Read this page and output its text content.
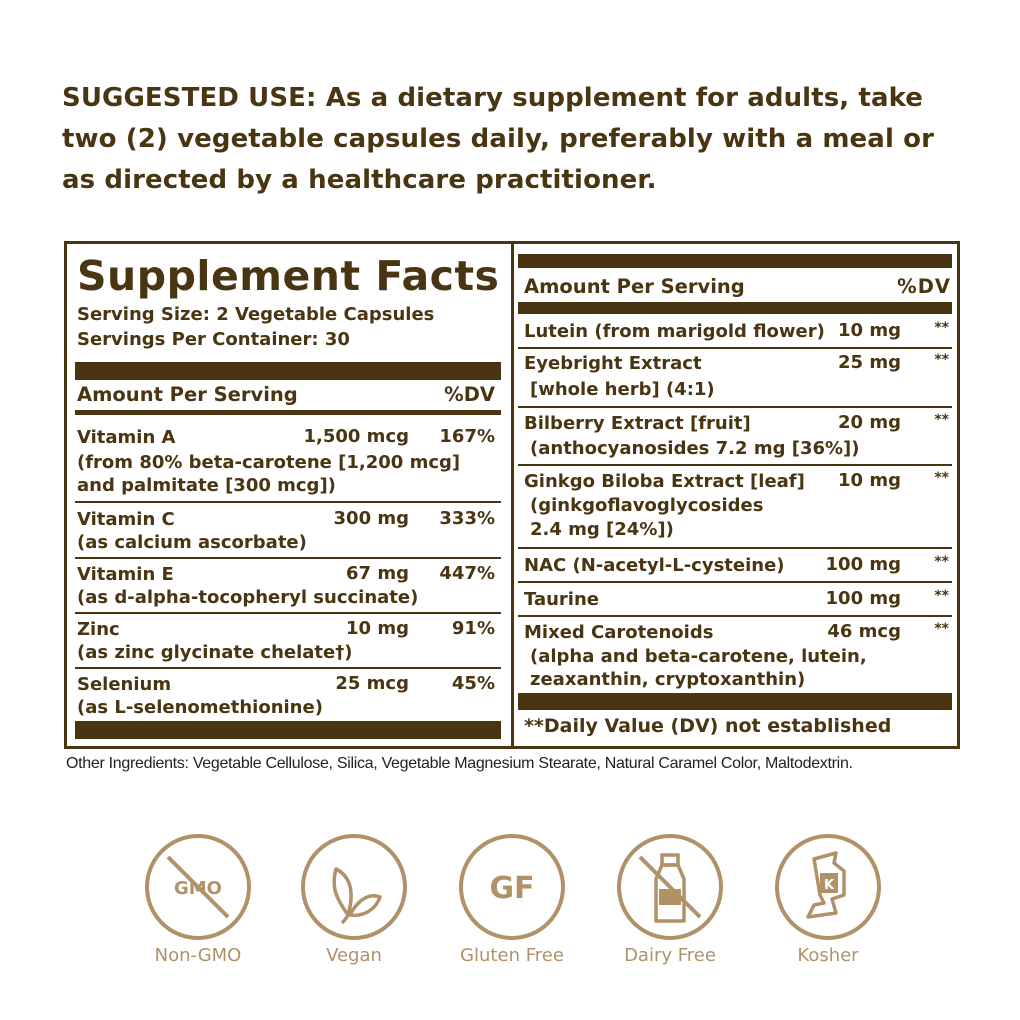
SUGGESTED USE: As a dietary supplement for adults, take two (2) vegetable capsules daily, preferably with a meal or as directed by a healthcare practitioner.
Supplement Facts
Serving Size: 2 Vegetable Capsules
Servings Per Container: 30
Amount Per Serving	%DV
Vitamin A	1,500 mcg 167%
(from 80% beta-carotene [1,200 mcg]
and palmitate [300 mcg])
Vitamin C	300 mg 333%
(as calcium ascorbate)
Vitamin E	67 mg 447%
(as d-alpha-tocopheryl succinate)
Zinc	10 mg 91%
(as zinc glycinate chelate†)
Selenium	25 mcg 45%
(as L-selenomethionine)
Amount Per Serving	%DV
Lutein (from marigold flower) 10 mg **
Eyebright Extract	25 mg **
[whole herb] (4:1)
Bilberry Extract [fruit]	20 mg **
(anthocyanosides 7.2 mg [36%])
Ginkgo Biloba Extract [leaf] 10 mg **
(ginkgoflavoglycosides
2.4 mg [24%])
NAC (N-acetyl-L-cysteine) 100 mg **
Taurine	100 mg **
Mixed Carotenoids	46 mcg **
(alpha and beta-carotene, lutein,
zeaxanthin, cryptoxanthin)
**Daily Value (DV) not established
Other Ingredients: Vegetable Cellulose, Silica, Vegetable Magnesium Stearate, Natural Caramel Color, Maltodextrin.
GMO
Non-GMO	Vegan
GF
Gluten Free	Dairy Free
K
Kosher
